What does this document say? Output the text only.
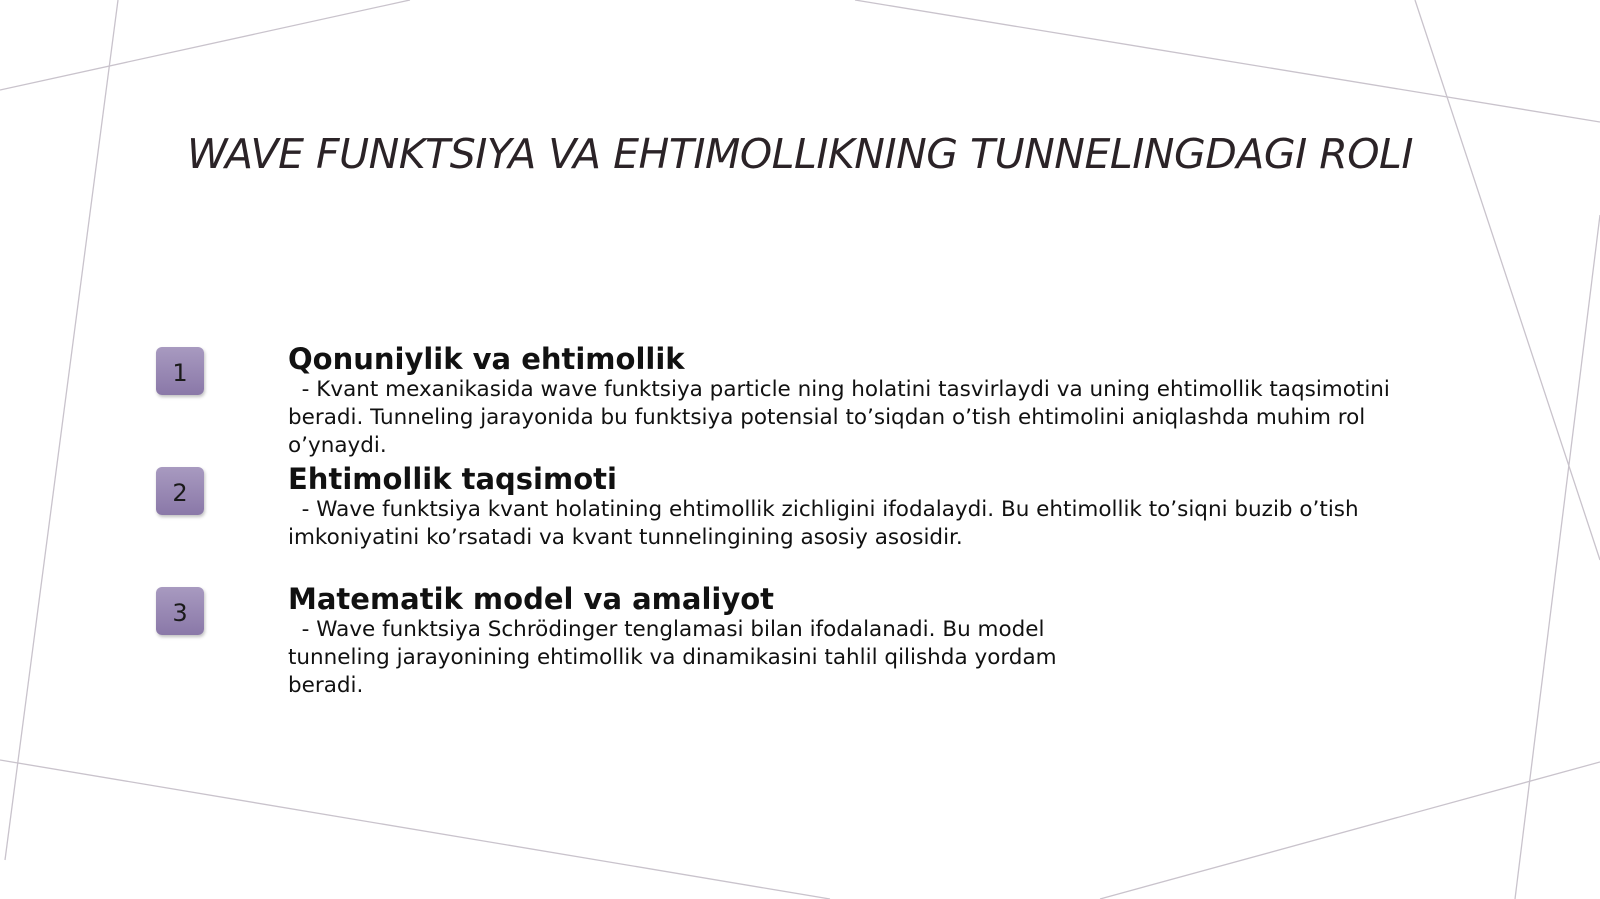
WAVE FUNKTSIYA VA EHTIMOLLIKNING TUNNELINGDAGI ROLI
1	Qonuniylik va ehtimollik
- Kvant mexanikasida wave funktsiya particle ning holatini tasvirlaydi va uning ehtimollik taqsimotini beradi. Tunneling jarayonida bu funktsiya potensial to’siqdan o’tish ehtimolini aniqlashda muhim rol o’ynaydi.
2	Ehtimollik taqsimoti
- Wave funktsiya kvant holatining ehtimollik zichligini ifodalaydi. Bu ehtimollik to’siqni buzib o’tish imkoniyatini ko’rsatadi va kvant tunnelingining asosiy asosidir.
3	Matematik model va amaliyot
- Wave funktsiya Schrödinger tenglamasi bilan ifodalanadi. Bu model tunneling jarayonining ehtimollik va dinamikasini tahlil qilishda yordam beradi.
